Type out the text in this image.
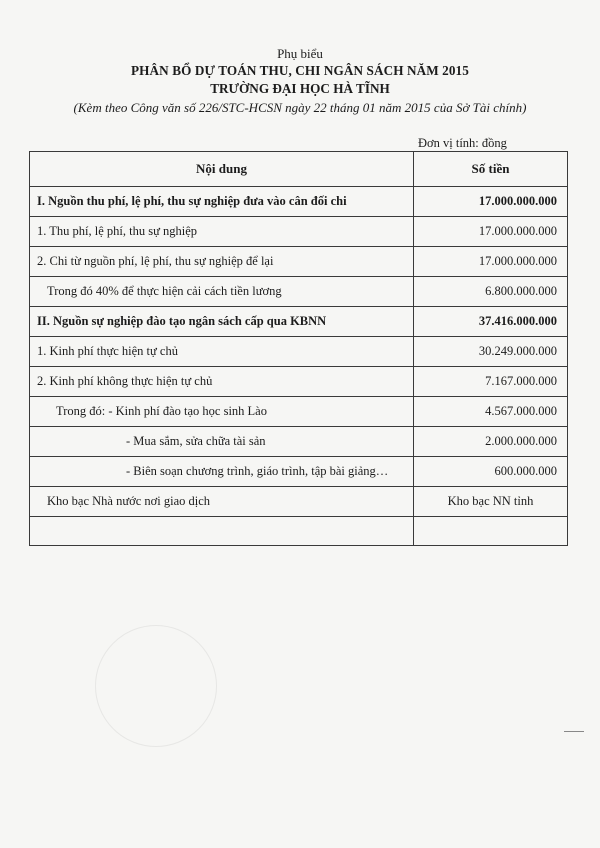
Phụ biểu
PHÂN BỔ DỰ TOÁN THU, CHI NGÂN SÁCH NĂM 2015
TRƯỜNG ĐẠI HỌC HÀ TĨNH
(Kèm theo Công văn số 226/STC-HCSN ngày 22 tháng 01 năm 2015 của Sở Tài chính)
Đơn vị tính: đồng
Nội dung	Số tiền
I. Nguồn thu phí, lệ phí, thu sự nghiệp đưa vào cân đối chi	17.000.000.000
1. Thu phí, lệ phí, thu sự nghiệp	17.000.000.000
2. Chi từ nguồn phí, lệ phí, thu sự nghiệp để lại	17.000.000.000
Trong đó 40% để thực hiện cải cách tiền lương	6.800.000.000
II. Nguồn sự nghiệp đào tạo ngân sách cấp qua KBNN	37.416.000.000
1. Kinh phí thực hiện tự chủ	30.249.000.000
2. Kinh phí không thực hiện tự chủ	7.167.000.000
Trong đó: - Kinh phí đào tạo học sinh Lào	4.567.000.000
- Mua sắm, sửa chữa tài sản	2.000.000.000
- Biên soạn chương trình, giáo trình, tập bài giảng…	600.000.000
Kho bạc Nhà nước nơi giao dịch	Kho bạc NN tỉnh
